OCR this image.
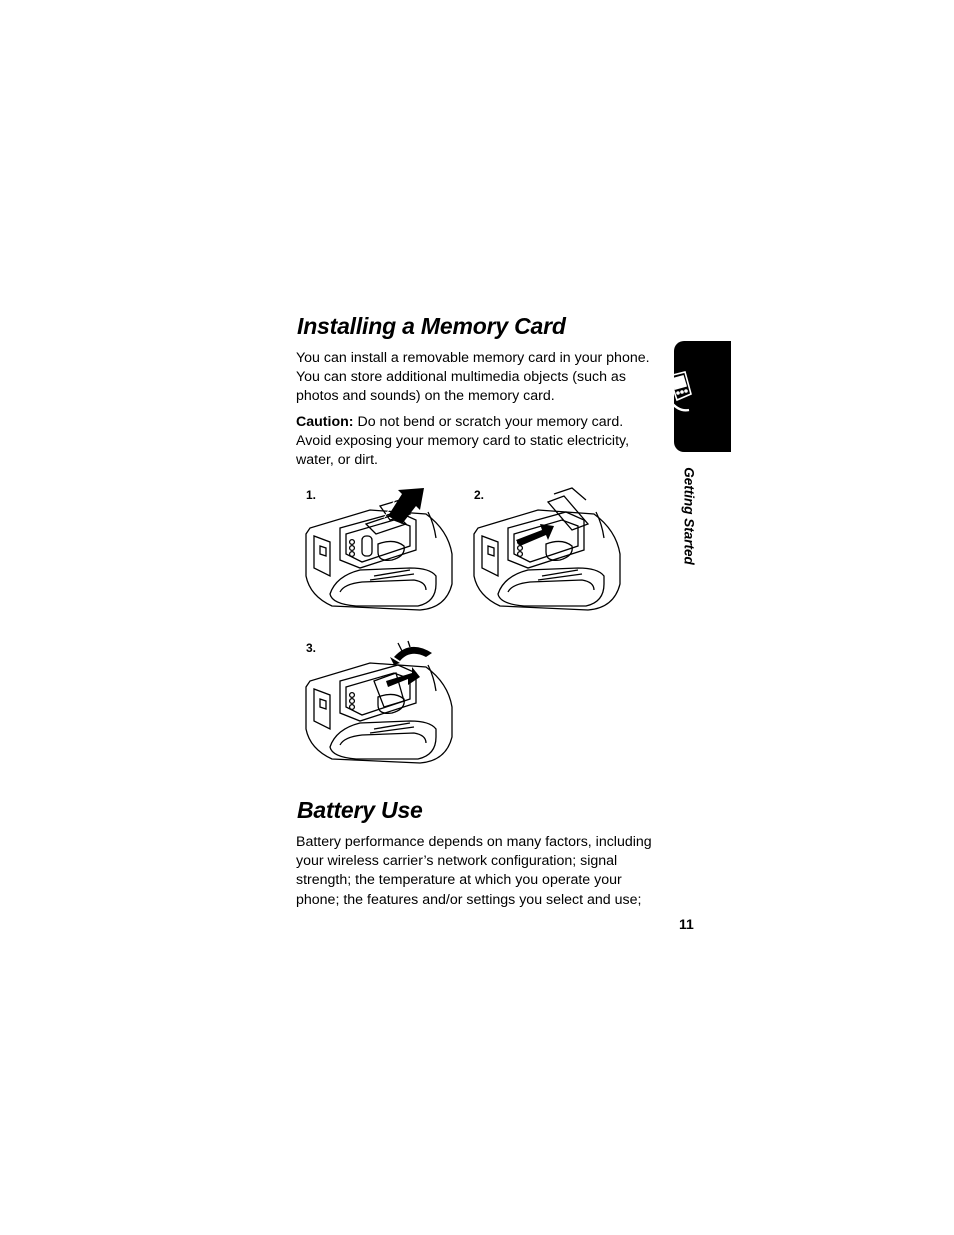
Installing a Memory Card

You can install a removable memory card in your phone. You can store additional multimedia objects (such as photos and sounds) on the memory card.

Caution: Do not bend or scratch your memory card. Avoid exposing your memory card to static electricity, water, or dirt.

1.	2.
3.
Battery Use

Battery performance depends on many factors, including your wireless carrier’s network configuration; signal strength; the temperature at which you operate your phone; the features and/or settings you select and use;

Getting Started
11
